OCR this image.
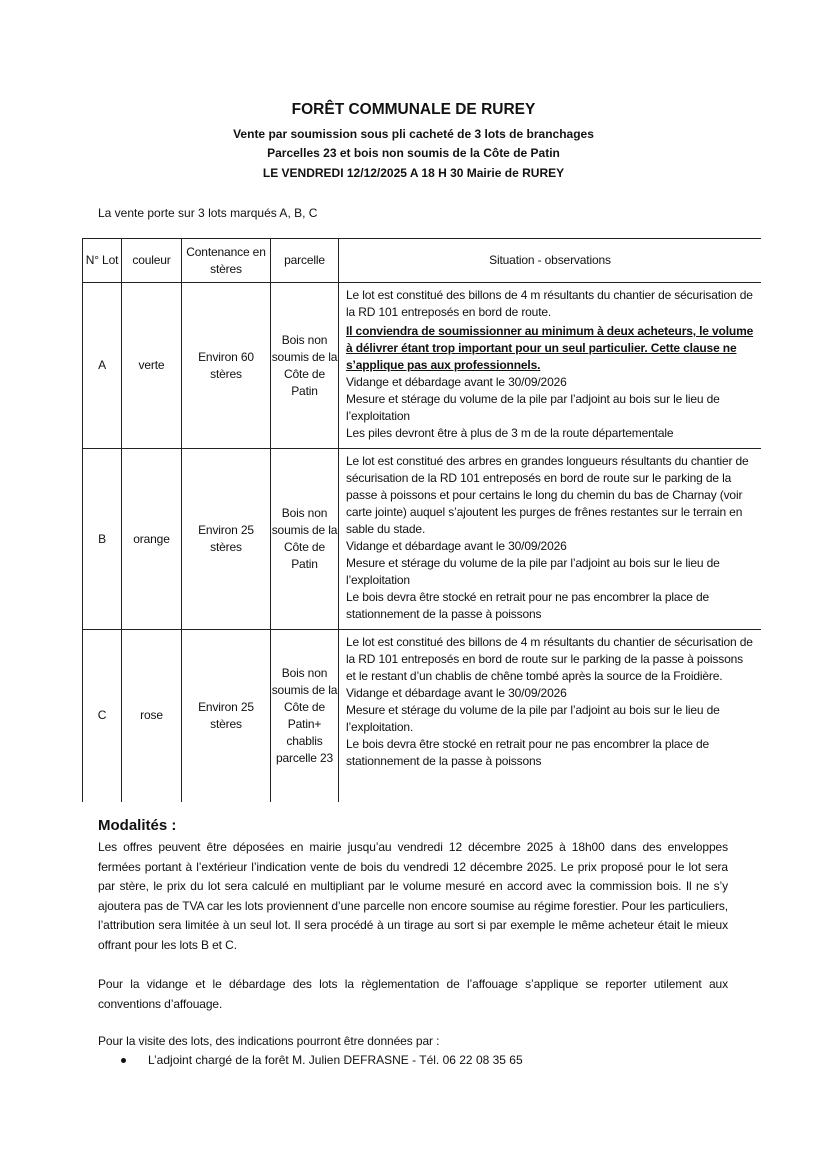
FORÊT COMMUNALE DE RUREY
Vente par soumission sous pli cacheté de 3 lots de branchages
Parcelles 23 et bois non soumis de la Côte de Patin
LE VENDREDI 12/12/2025 A 18 H 30 Mairie de RUREY
La vente porte sur 3 lots marqués A, B, C
N° Lot	couleur	Contenance en stères	parcelle	Situation - observations
A	verte	Environ 60 stères	Bois non soumis de la Côte de Patin	Le lot est constitué des billons de 4 m résultants du chantier de sécurisation de la RD 101 entreposés en bord de route.

Il conviendra de soumissionner au minimum à deux acheteurs, le volume à délivrer étant trop important pour un seul particulier. Cette clause ne s’applique pas aux professionnels.

Vidange et débardage avant le 30/09/2026

Mesure et stérage du volume de la pile par l’adjoint au bois sur le lieu de l’exploitation

Les piles devront être à plus de 3 m de la route départementale

B	orange	Environ 25 stères	Bois non soumis de la Côte de Patin	Le lot est constitué des arbres en grandes longueurs résultants du chantier de sécurisation de la RD 101 entreposés en bord de route sur le parking de la passe à poissons et pour certains le long du chemin du bas de Charnay (voir carte jointe) auquel s’ajoutent les purges de frênes restantes sur le terrain en sable du stade.

Vidange et débardage avant le 30/09/2026

Mesure et stérage du volume de la pile par l’adjoint au bois sur le lieu de l’exploitation

Le bois devra être stocké en retrait pour ne pas encombrer la place de stationnement de la passe à poissons

C	rose	Environ 25 stères	Bois non soumis de la Côte de Patin+ chablis parcelle 23	Le lot est constitué des billons de 4 m résultants du chantier de sécurisation de la RD 101 entreposés en bord de route sur le parking de la passe à poissons et le restant d’un chablis de chêne tombé après la source de la Froidière.

Vidange et débardage avant le 30/09/2026

Mesure et stérage du volume de la pile par l’adjoint au bois sur le lieu de l’exploitation.

Le bois devra être stocké en retrait pour ne pas encombrer la place de stationnement de la passe à poissons

Modalités :
Les offres peuvent être déposées en mairie jusqu’au vendredi 12 décembre 2025 à 18h00 dans des enveloppes fermées portant à l’extérieur l’indication vente de bois du vendredi 12 décembre 2025. Le prix proposé pour le lot sera par stère, le prix du lot sera calculé en multipliant par le volume mesuré en accord avec la commission bois. Il ne s’y ajoutera pas de TVA car les lots proviennent d’une parcelle non encore soumise au régime forestier. Pour les particuliers, l’attribution sera limitée à un seul lot. Il sera procédé à un tirage au sort si par exemple le même acheteur était le mieux offrant pour les lots B et C.
Pour la vidange et le débardage des lots la règlementation de l’affouage s’applique se reporter utilement aux conventions d’affouage.
Pour la visite des lots, des indications pourront être données par :
L’adjoint chargé de la forêt M. Julien DEFRASNE - Tél. 06 22 08 35 65
